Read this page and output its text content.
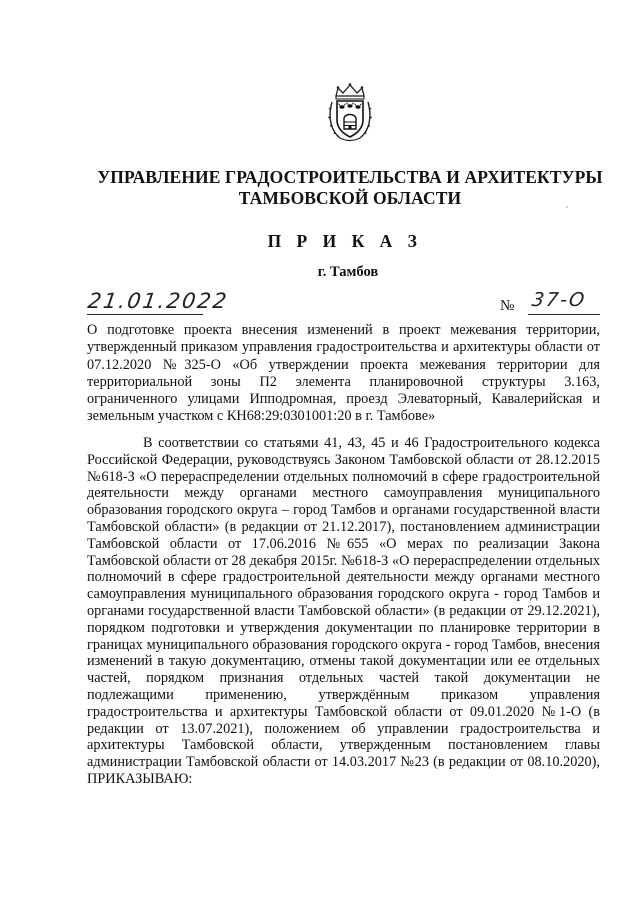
УПРАВЛЕНИЕ ГРАДОСТРОИТЕЛЬСТВА И АРХИТЕКТУРЫ
ТАМБОВСКОЙ ОБЛАСТИ
П Р И К А З
г. Тамбов
21.01.2022	№ 37-О
О подготовке проекта внесения изменений в проект межевания территории, утвержденный приказом управления градостроительства и архитектуры области от 07.12.2020 №325-О «Об утверждении проекта межевания территории для территориальной зоны П2 элемента планировочной структуры 3.163, ограниченного улицами Ипподромная, проезд Элеваторный, Кавалерийская и земельным участком с КН68:29:0301001:20 в г. Тамбове»
В соответствии со статьями 41, 43, 45 и 46 Градостроительного кодекса Российской Федерации, руководствуясь Законом Тамбовской области от 28.12.2015 №618-З «О перераспределении отдельных полномочий в сфере градостроительной деятельности между органами местного самоуправления муниципального образования городского округа – город Тамбов и органами государственной власти Тамбовской области» (в редакции от 21.12.2017), постановлением администрации Тамбовской области от 17.06.2016 №655 «О мерах по реализации Закона Тамбовской области от 28 декабря 2015г. №618-З «О перераспределении отдельных полномочий в сфере градостроительной деятельности между органами местного самоуправления муниципального образования городского округа - город Тамбов и органами государственной власти Тамбовской области» (в редакции от 29.12.2021), порядком подготовки и утверждения документации по планировке территории в границах муниципального образования городского округа - город Тамбов, внесения изменений в такую документацию, отмены такой документации или ее отдельных частей, порядком признания отдельных частей такой документации не подлежащими применению, утверждённым приказом управления градостроительства и архитектуры Тамбовской области от 09.01.2020 №1-О (в редакции от 13.07.2021), положением об управлении градостроительства и архитектуры Тамбовской области, утвержденным постановлением главы администрации Тамбовской области от 14.03.2017 №23 (в редакции от 08.10.2020), ПРИКАЗЫВАЮ:
